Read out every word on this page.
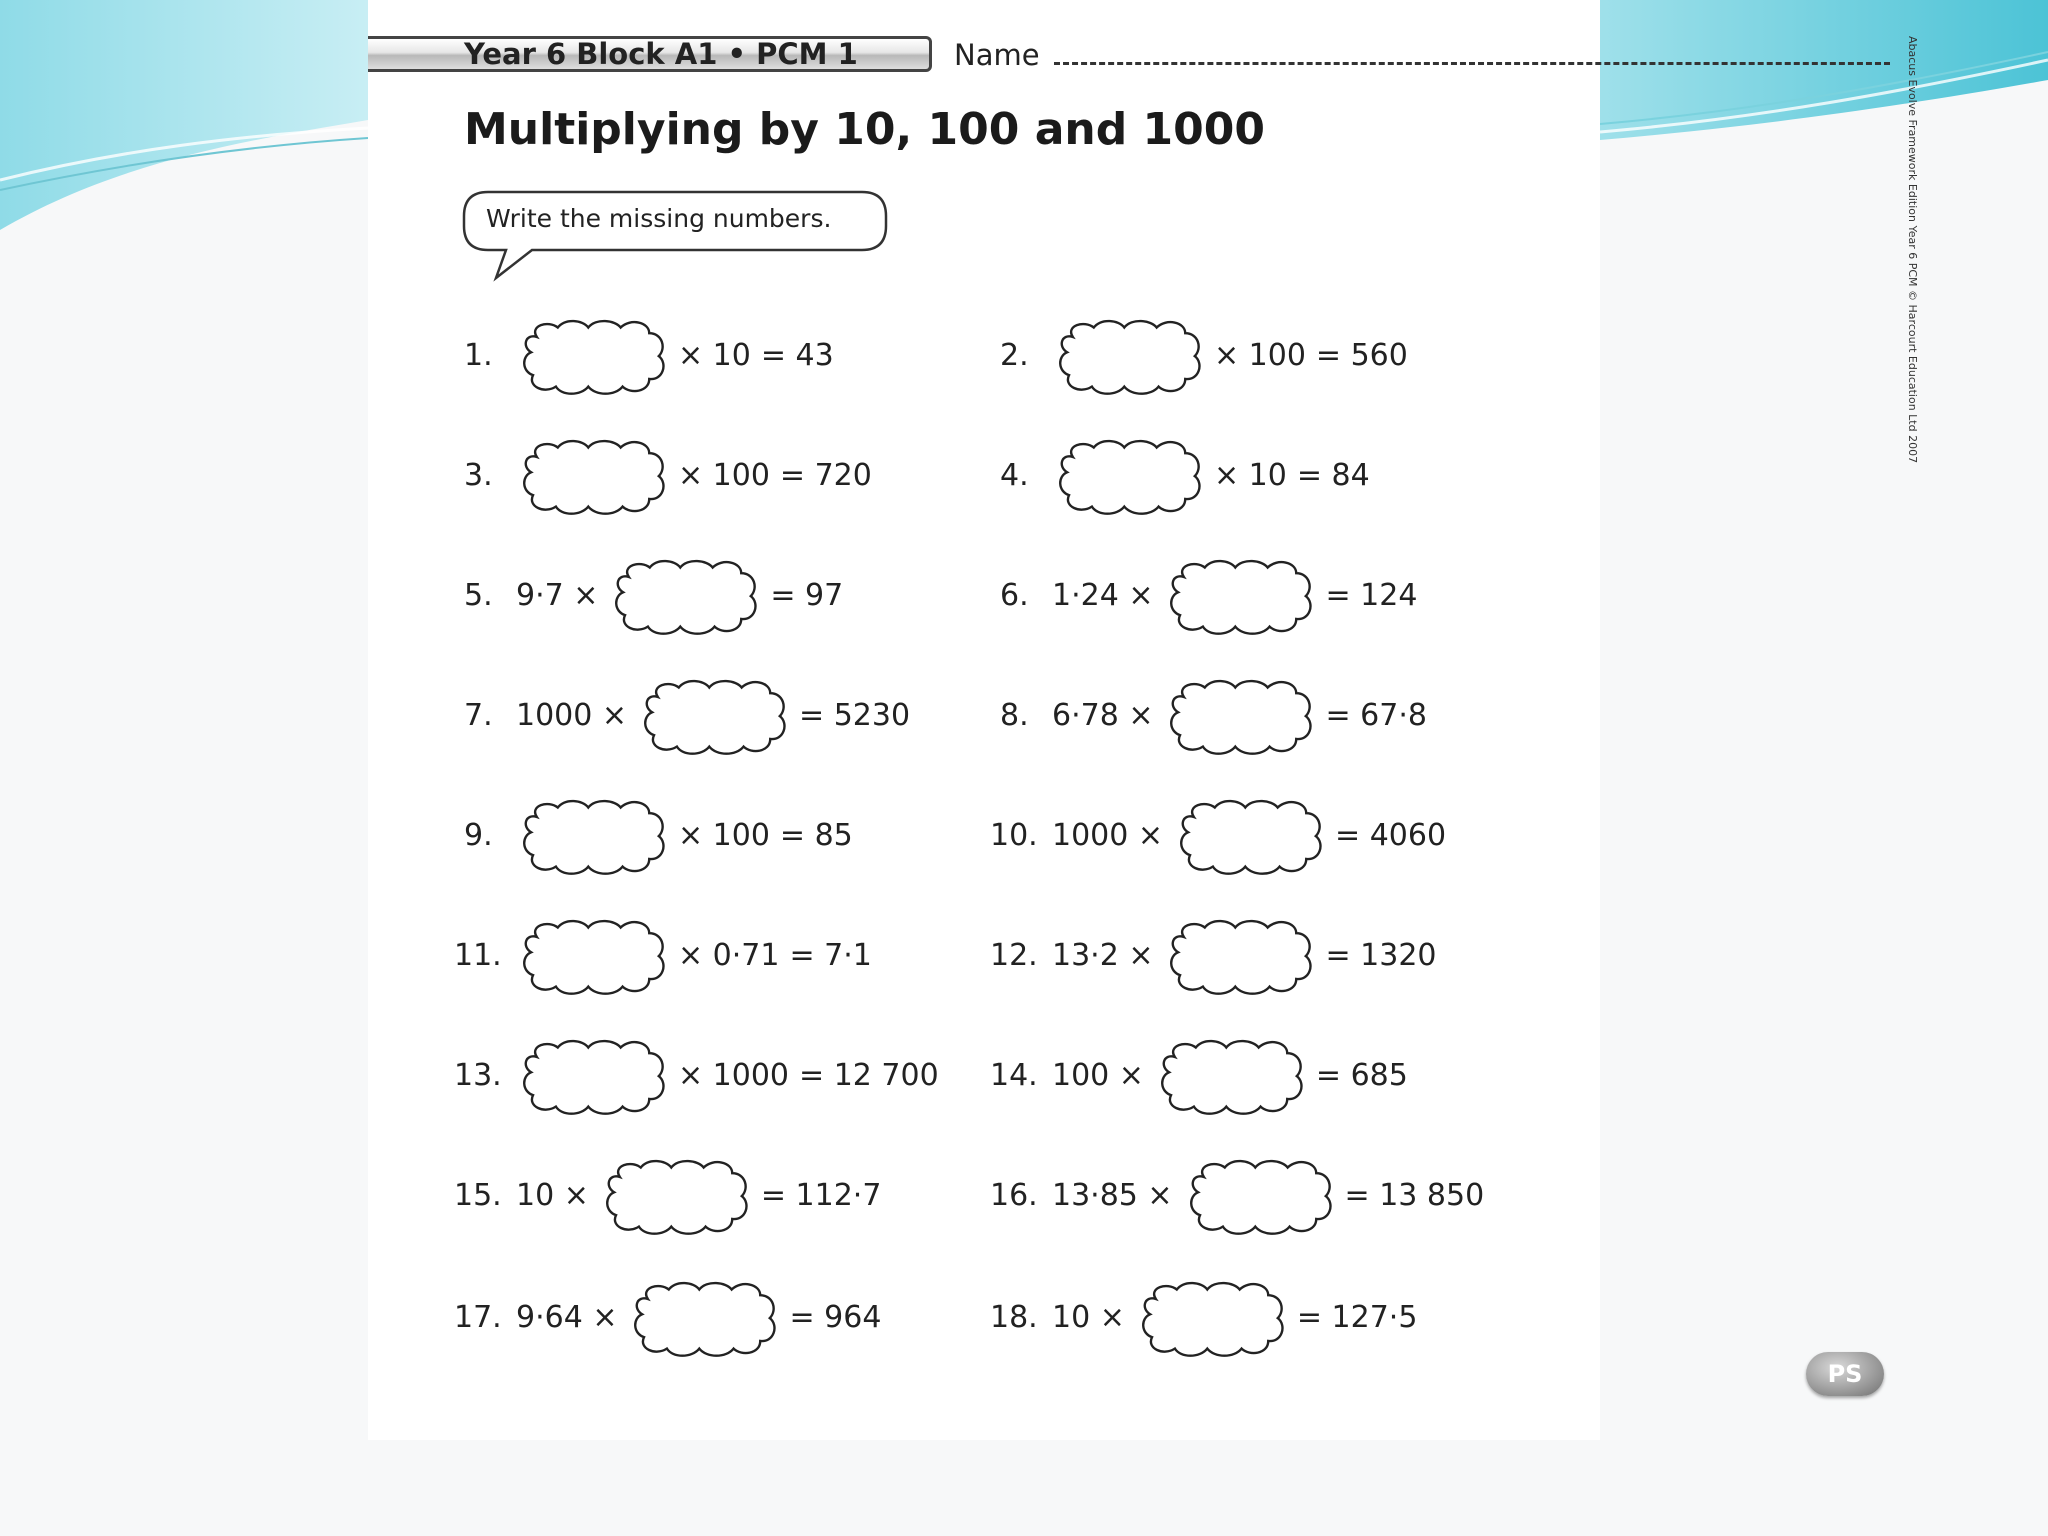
Year 6 Block A1 • PCM 1	Name	Abacus Evolve Framework Edition Year 6 PCM © Harcourt Education Ltd 2007
Multiplying by 10, 100 and 1000
Write the missing numbers.
1.	× 10 = 43	2.	× 100 = 560
3.	× 100 = 720	4.	× 10 = 84
5. 9·7 ×	= 97	6. 1·24 ×	= 124
7. 1000 ×	= 5230	8. 6·78 ×	= 67·8
9.	× 100 = 85	10. 1000 ×	= 4060
11.	× 0·71 = 7·1	12. 13·2 ×	= 1320
13.	× 1000 = 12 700 14. 100 ×	= 685
15. 10 ×	= 112·7	16. 13·85 ×	= 13 850
17. 9·64 ×	= 964	18. 10 ×	= 127·5
PS
